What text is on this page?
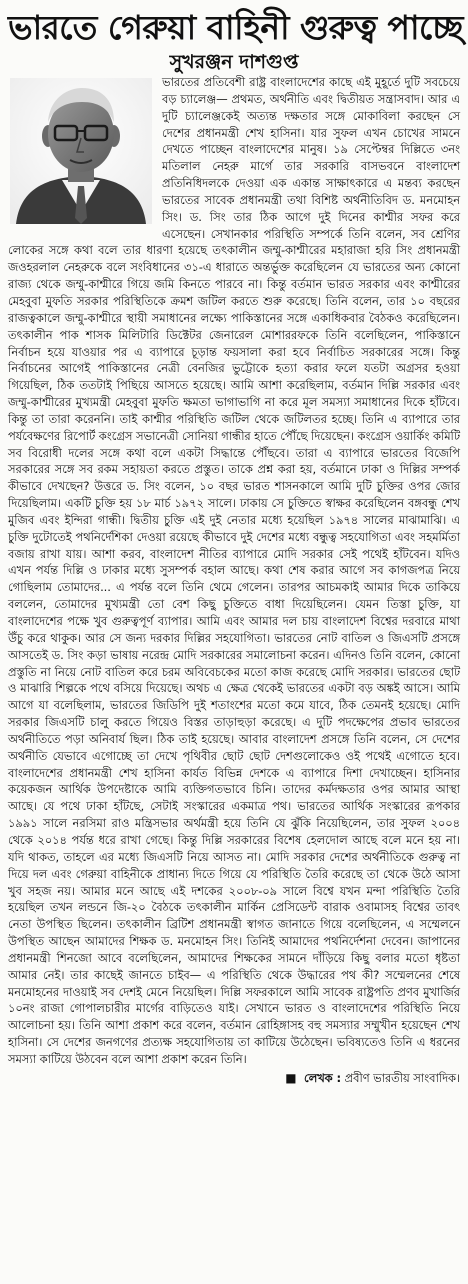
ভারতে গেরুয়া বাহিনী গুরুত্ব পাচ্ছে
সুখরঞ্জন দাশগুপ্ত

ভারতের প্রতিবেশী রাষ্ট্র বাংলাদেশের কাছে এই মুহূর্তে দুটি সবচেয়ে বড় চ্যালেঞ্জ— প্রথমত, অর্থনীতি এবং দ্বিতীয়ত সন্ত্রাসবাদ। আর এ দুটি চ্যালেঞ্জকেই অত্যন্ত দক্ষতার সঙ্গে মোকাবিলা করছেন সে দেশের প্রধানমন্ত্রী শেখ হাসিনা। যার সুফল এখন চোখের সামনে দেখতে পাচ্ছেন বাংলাদেশের মানুষ। ১৯ সেপ্টেম্বর দিল্লিতে ৩নং মতিলাল নেহরু মার্গে তার সরকারি বাসভবনে বাংলাদেশ প্রতিনিধিদলকে দেওয়া এক একান্ত সাক্ষাৎকারে এ মন্তব্য করছেন ভারতের সাবেক প্রধানমন্ত্রী তথা বিশিষ্ট অর্থনীতিবিদ ড. মনমোহন সিং। ড. সিং তার ঠিক আগে দুই দিনের কাশ্মীর সফর করে এসেছেন। সেখানকার পরিস্থিতি সম্পর্কে তিনি বলেন, সব শ্রেণির লোকের সঙ্গে কথা বলে তার ধারণা হয়েছে তৎকালীন জম্মু-কাশ্মীরের মহারাজা হরি সিং প্রধানমন্ত্রী জওহরলাল নেহরুকে বলে সংবিধানের ৩১-এ ধারাতে অন্তর্ভুক্ত করেছিলেন যে ভারতের অন্য কোনো রাজ্য থেকে জম্মু-কাশ্মীরে গিয়ে জমি কিনতে পারবে না। কিন্তু বর্তমান ভারত সরকার এবং কাশ্মীরের মেহবুবা মুফতি সরকার পরিস্থিতিকে ক্রমশ জটিল করতে শুরু করেছে। তিনি বলেন, তার ১০ বছরের রাজত্বকালে জম্মু-কাশ্মীরে স্থায়ী সমাধানের লক্ষ্যে পাকিস্তানের সঙ্গে একাধিকবার বৈঠকও করেছিলেন। তৎকালীন পাক শাসক মিলিটারি ডিক্টেটর জেনারেল মোশাররফকে তিনি বলেছিলেন, পাকিস্তানে নির্বাচন হয়ে যাওয়ার পর এ ব্যাপারে চূড়ান্ত ফয়সালা করা হবে নির্বাচিত সরকারের সঙ্গে। কিন্তু নির্বাচনের আগেই পাকিস্তানের নেত্রী বেনজির ভুট্টোকে হত্যা করার ফলে যতটা অগ্রসর হওয়া গিয়েছিল, ঠিক ততটাই পিছিয়ে আসতে হয়েছে। আমি আশা করেছিলাম, বর্তমান দিল্লি সরকার এবং জম্মু-কাশ্মীরের মুখ্যমন্ত্রী মেহবুবা মুফতি ক্ষমতা ভাগাভাগি না করে মূল সমস্যা সমাধানের দিকে হাঁটবে। কিন্তু তা তারা করেননি। তাই কাশ্মীর পরিস্থিতি জটিল থেকে জটিলতর হচ্ছে। তিনি এ ব্যাপারে তার পর্যবেক্ষণের রিপোর্ট কংগ্রেস সভানেত্রী সোনিয়া গান্ধীর হাতে পৌঁছে দিয়েছেন। কংগ্রেস ওয়ার্কিং কমিটি সব বিরোধী দলের সঙ্গে কথা বলে একটা সিদ্ধান্তে পৌঁছবে। তারা এ ব্যাপারে ভারতের বিজেপি সরকারের সঙ্গে সব রকম সহায়তা করতে প্রস্তুত। তাকে প্রশ্ন করা হয়, বর্তমানে ঢাকা ও দিল্লির সম্পর্ক কীভাবে দেখছেন? উত্তরে ড. সিং বলেন, ১০ বছর ভারত শাসনকালে আমি দুটি চুক্তির ওপর জোর দিয়েছিলাম। একটি চুক্তি হয় ১৮ মার্চ ১৯৭২ সালে। ঢাকায় সে চুক্তিতে স্বাক্ষর করেছিলেন বঙ্গবন্ধু শেখ মুজিব এবং ইন্দিরা গান্ধী। দ্বিতীয় চুক্তি এই দুই নেতার মধ্যে হয়েছিল ১৯৭৪ সালের মাঝামাঝি। এ চুক্তি দুটোতেই পথনির্দেশিকা দেওয়া রয়েছে কীভাবে দুই দেশের মধ্যে বন্ধুত্ব সহযোগিতা এবং সহমর্মিতা বজায় রাখা যায়। আশা করব, বাংলাদেশ নীতির ব্যাপারে মোদি সরকার সেই পথেই হাঁটবেন। যদিও এখন পর্যন্ত দিল্লি ও ঢাকার মধ্যে সুসম্পর্ক বহাল আছে। কথা শেষ করার আগে সব কাগজপত্র নিয়ে গোছিলাম তোমাদের... এ পর্যন্ত বলে তিনি থেমে গেলেন। তারপর আচমকাই আমার দিকে তাকিয়ে বললেন, তোমাদের মুখ্যমন্ত্রী তো বেশ কিছু চুক্তিতে বাধা দিয়েছিলেন। যেমন তিস্তা চুক্তি, যা বাংলাদেশের পক্ষে খুব গুরুত্বপূর্ণ ব্যাপার। আমি এবং আমার দল চায় বাংলাদেশ বিশ্বের দরবারে মাথা উঁচু করে থাকুক। আর সে জন্য দরকার দিল্লির সহযোগিতা। ভারতের নোট বাতিল ও জিএসটি প্রসঙ্গে আসতেই ড. সিং কড়া ভাষায় নরেন্দ্র মোদি সরকারের সমালোচনা করেন। এদিনও তিনি বলেন, কোনো প্রস্তুতি না নিয়ে নোট বাতিল করে চরম অবিবেচকের মতো কাজ করেছে মোদি সরকার। ভারতের ছোট ও মাঝারি শিল্পকে পথে বসিয়ে দিয়েছে। অথচ এ ক্ষেত্র থেকেই ভারতের একটা বড় অঙ্কই আসে। আমি আগে যা বলেছিলাম, ভারতের জিডিপি দুই শতাংশের মতো কমে যাবে, ঠিক তেমনই হয়েছে। মোদি সরকার জিএসটি চালু করতে গিয়েও বিস্তর তাড়াহুড়া করেছে। এ দুটি পদক্ষেপের প্রভাব ভারতের অর্থনীতিতে পড়া অনিবার্য ছিল। ঠিক তাই হয়েছে। আবার বাংলাদেশ প্রসঙ্গে তিনি বলেন, সে দেশের অর্থনীতি যেভাবে এগোচ্ছে তা দেখে পৃথিবীর ছোট ছোট দেশগুলোকেও ওই পথেই এগোতে হবে। বাংলাদেশের প্রধানমন্ত্রী শেখ হাসিনা কার্যত বিভিন্ন দেশকে এ ব্যাপারে দিশা দেখাচ্ছেন। হাসিনার কয়েকজন আর্থিক উপদেষ্টাকে আমি ব্যক্তিগতভাবে চিনি। তাদের কর্মদক্ষতার ওপর আমার আস্থা আছে। যে পথে ঢাকা হাঁটছে, সেটাই সংস্কারের একমাত্র পথ। ভারতের আর্থিক সংস্কারের রূপকার ১৯৯১ সালে নরসিমা রাও মন্ত্রিসভার অর্থমন্ত্রী হয়ে তিনি যে ঝুঁকি নিয়েছিলেন, তার সুফল ২০০৪ থেকে ২০১৪ পর্যন্ত ধরে রাখা গেছে। কিন্তু দিল্লি সরকারের বিশেষ হেলদোল আছে বলে মনে হয় না। যদি থাকত, তাহলে এর মধ্যে জিএসটি নিয়ে আসত না। মোদি সরকার দেশের অর্থনীতিকে গুরুত্ব না দিয়ে দল এবং গেরুয়া বাহিনীকে প্রাধান্য দিতে গিয়ে যে পরিস্থিতি তৈরি করেছে তা থেকে উঠে আসা খুব সহজ নয়। আমার মনে আছে এই দশকের ২০০৮-০৯ সালে বিশ্বে যখন মন্দা পরিস্থিতি তৈরি হয়েছিল তখন লন্ডনে জি-২০ বৈঠকে তৎকালীন মার্কিন প্রেসিডেন্ট বারাক ওবামাসহ বিশ্বের তাবৎ নেতা উপস্থিত ছিলেন। তৎকালীন ব্রিটিশ প্রধানমন্ত্রী স্বাগত জানাতে গিয়ে বলেছিলেন, এ সম্মেলনে উপস্থিত আছেন আমাদের শিক্ষক ড. মনমোহন সিং। তিনিই আমাদের পথনির্দেশনা দেবেন। জাপানের প্রধানমন্ত্রী শিনজো আবে বলেছিলেন, আমাদের শিক্ষকের সামনে দাঁড়িয়ে কিছু বলার মতো ধৃষ্টতা আমার নেই। তার কাছেই জানতে চাইব— এ পরিস্থিতি থেকে উদ্ধারের পথ কী? সম্মেলনের শেষে মনমোহনের দাওয়াই সব দেশই মেনে নিয়েছিল। দিল্লি সফরকালে আমি সাবেক রাষ্ট্রপতি প্রণব মুখার্জির ১০নং রাজা গোপালচারীর মার্গের বাড়িতেও যাই। সেখানে ভারত ও বাংলাদেশের পরিস্থিতি নিয়ে আলোচনা হয়। তিনি আশা প্রকাশ করে বলেন, বর্তমান রোহিঙ্গাসহ বহু সমস্যার সম্মুখীন হয়েছেন শেখ হাসিনা। সে দেশের জনগণের প্রত্যক্ষ সহযোগিতায় তা কাটিয়ে উঠেছেন। ভবিষ্যতেও তিনি এ ধরনের সমস্যা কাটিয়ে উঠবেন বলে আশা প্রকাশ করেন তিনি।

■ লেখক : প্রবীণ ভারতীয় সাংবাদিক।
